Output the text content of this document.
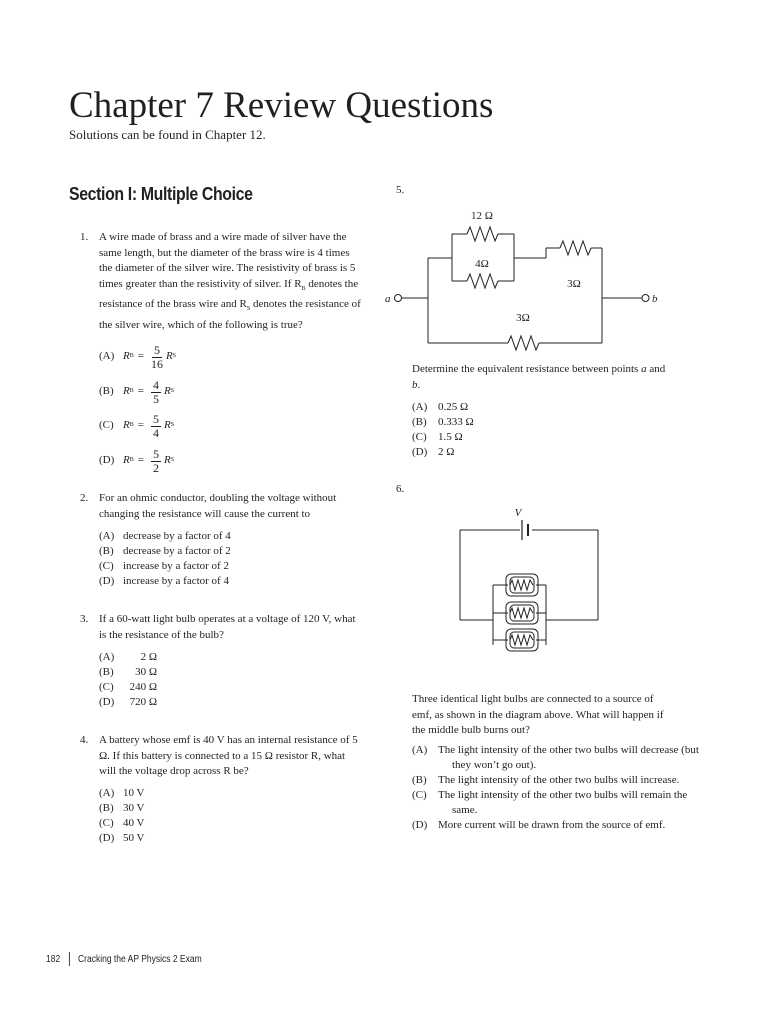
Chapter 7 Review Questions
Solutions can be found in Chapter 12.
Section I: Multiple Choice
1. A wire made of brass and a wire made of silver have the same length, but the diameter of the brass wire is 4 times the diameter of the silver wire. The resistivity of brass is 5 times greater than the resistivity of silver. If $R_B$ denotes the resistance of the brass wire and $R_S$ denotes the resistance of the silver wire, which of the following is true?
(A) R $B = \frac{5}{16}$ R S
(B) R $B = \frac{4}{5}$ R S
(C) R $B = \frac{5}{4}$ R S
(D) R $B = \frac{5}{2}$ R S
2. For an ohmic conductor, doubling the voltage without changing the resistance will cause the current to
(A) decrease by a factor of 4
(B) decrease by a factor of 2
(C) increase by a factor of 2
(D) increase by a factor of 4
3. If a 60-watt light bulb operates at a voltage of 120 V, what is the resistance of the bulb?
(A)	2 Ω
(B)	30 Ω
(C)	240 Ω
(D)	720 Ω
4. A battery whose emf is 40 V has an internal resistance of 5 Ω. If this battery is connected to a 15 Ω resistor R, what will the voltage drop across R be?
(A) 10 V
(B) 30 V
(C) 40 V
(D) 50 V
5.
12 Ω
4Ω
3Ω
3Ω
a	b
Determine the equivalent resistance between points a and b.
(A) 0.25 Ω
(B)	0.333 Ω
(C)	1.5 Ω
(D) 2 Ω
6.
V
Three identical light bulbs are connected to a source of emf, as shown in the diagram above. What will happen if the middle bulb burns out?
(A) The light intensity of the other two bulbs will decrease (but they won’t go out).
(B)	The light intensity of the other two bulbs will increase.
(C)	The light intensity of the other two bulbs will remain the same.
(D) More current will be drawn from the source of emf.
182 Cracking the AP Physics 2 Exam
